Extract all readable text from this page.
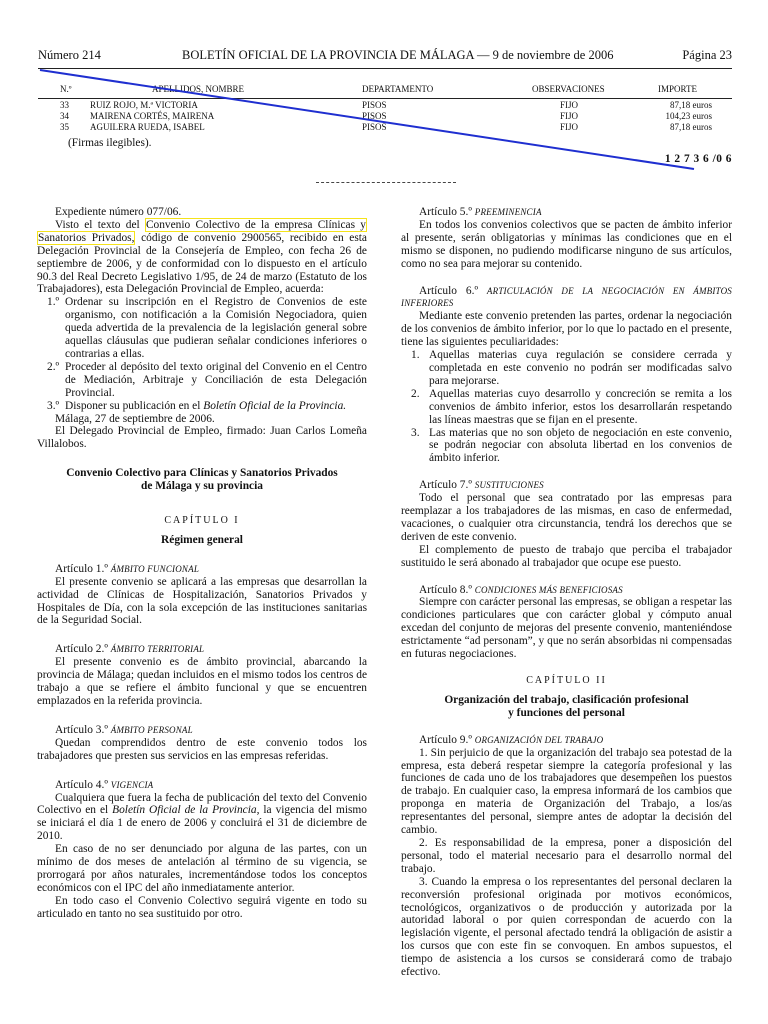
Número 214	BOLETÍN OFICIAL DE LA PROVINCIA DE MÁLAGA — 9 de noviembre de 2006	Página 23
N.º	APELLIDOS, NOMBRE	DEPARTAMENTO	OBSERVACIONES	IMPORTE
33 RUIZ ROJO, M.ª VICTORIA	PISOS	FIJO	87,18 euros
34 MAIRENA CORTÉS, MAIRENA	PISOS	FIJO	104,23 euros
35 AGUILERA RUEDA, ISABEL	PISOS	FIJO	87,18 euros
(Firmas ilegibles).
1 2 7 3 6 /0 6
Expediente número 077/06.
Visto el texto del Convenio Colectivo de la empresa Clínicas y Sanatorios Privados, código de convenio 2900565, recibido en esta Delegación Provincial de la Consejería de Empleo, con fecha 26 de septiembre de 2006, y de conformidad con lo dispuesto en el artículo 90.3 del Real Decreto Legislativo 1/95, de 24 de marzo (Estatuto de los Trabajadores), esta Delegación Provincial de Empleo, acuerda:
1.º Ordenar su inscripción en el Registro de Convenios de este organismo, con notificación a la Comisión Negociadora, quien queda advertida de la prevalencia de la legislación general sobre aquellas cláusulas que pudieran señalar condiciones inferiores o contrarias a ellas.
2.º Proceder al depósito del texto original del Convenio en el Centro de Mediación, Arbitraje y Conciliación de esta Delegación Provincial.
3.º Disponer su publicación en el Boletín Oficial de la Provincia.
Málaga, 27 de septiembre de 2006.
El Delegado Provincial de Empleo, firmado: Juan Carlos Lomeña Villalobos.
Convenio Colectivo para Clínicas y Sanatorios Privados
de Málaga y su provincia
CAPÍTULO I
Régimen general
Artículo 1.º ÁMBITO FUNCIONAL
El presente convenio se aplicará a las empresas que desarrollan la actividad de Clínicas de Hospitalización, Sanatorios Privados y Hospitales de Día, con la sola excepción de las instituciones sanitarias de la Seguridad Social.
Artículo 2.º ÁMBITO TERRITORIAL
El presente convenio es de ámbito provincial, abarcando la provincia de Málaga; quedan incluidos en el mismo todos los centros de trabajo a que se refiere el ámbito funcional y que se encuentren emplazados en la referida provincia.
Artículo 3.º ÁMBITO PERSONAL
Quedan comprendidos dentro de este convenio todos los trabajadores que presten sus servicios en las empresas referidas.
Artículo 4.º VIGENCIA
Cualquiera que fuera la fecha de publicación del texto del Convenio Colectivo en el Boletín Oficial de la Provincia, la vigencia del mismo se iniciará el día 1 de enero de 2006 y concluirá el 31 de diciembre de 2010.
En caso de no ser denunciado por alguna de las partes, con un mínimo de dos meses de antelación al término de su vigencia, se prorrogará por años naturales, incrementándose todos los conceptos económicos con el IPC del año inmediatamente anterior.
En todo caso el Convenio Colectivo seguirá vigente en todo su articulado en tanto no sea sustituido por otro.
Artículo 5.º PREEMINENCIA
En todos los convenios colectivos que se pacten de ámbito inferior al presente, serán obligatorias y mínimas las condiciones que en el mismo se disponen, no pudiendo modificarse ninguno de sus artículos, como no sea para mejorar su contenido.
Artículo 6.º ARTICULACIÓN DE LA NEGOCIACIÓN EN ÁMBITOS INFERIORES
Mediante este convenio pretenden las partes, ordenar la negociación de los convenios de ámbito inferior, por lo que lo pactado en el presente, tiene las siguientes peculiaridades:
1. Aquellas materias cuya regulación se considere cerrada y completada en este convenio no podrán ser modificadas salvo para mejorarse.
2. Aquellas materias cuyo desarrollo y concreción se remita a los convenios de ámbito inferior, estos los desarrollarán respetando las líneas maestras que se fijan en el presente.
3. Las materias que no son objeto de negociación en este convenio, se podrán negociar con absoluta libertad en los convenios de ámbito inferior.
Artículo 7.º SUSTITUCIONES
Todo el personal que sea contratado por las empresas para reemplazar a los trabajadores de las mismas, en caso de enfermedad, vacaciones, o cualquier otra circunstancia, tendrá los derechos que se deriven de este convenio.
El complemento de puesto de trabajo que perciba el trabajador sustituido le será abonado al trabajador que ocupe ese puesto.
Artículo 8.º CONDICIONES MÁS BENEFICIOSAS
Siempre con carácter personal las empresas, se obligan a respetar las condiciones particulares que con carácter global y cómputo anual excedan del conjunto de mejoras del presente convenio, manteniéndose estrictamente “ad personam”, y que no serán absorbidas ni compensadas en futuras negociaciones.
CAPÍTULO II
Organización del trabajo, clasificación profesional
y funciones del personal
Artículo 9.º ORGANIZACIÓN DEL TRABAJO
1. Sin perjuicio de que la organización del trabajo sea potestad de la empresa, esta deberá respetar siempre la categoría profesional y las funciones de cada uno de los trabajadores que desempeñen los puestos de trabajo. En cualquier caso, la empresa informará de los cambios que proponga en materia de Organización del Trabajo, a los/as representantes del personal, siempre antes de adoptar la decisión del cambio.
2. Es responsabilidad de la empresa, poner a disposición del personal, todo el material necesario para el desarrollo normal del trabajo.
3. Cuando la empresa o los representantes del personal declaren la reconversión profesional originada por motivos económicos, tecnológicos, organizativos o de producción y autorizada por la autoridad laboral o por quien correspondan de acuerdo con la legislación vigente, el personal afectado tendrá la obligación de asistir a los cursos que con este fin se convoquen. En ambos supuestos, el tiempo de asistencia a los cursos se considerará como de trabajo efectivo.
